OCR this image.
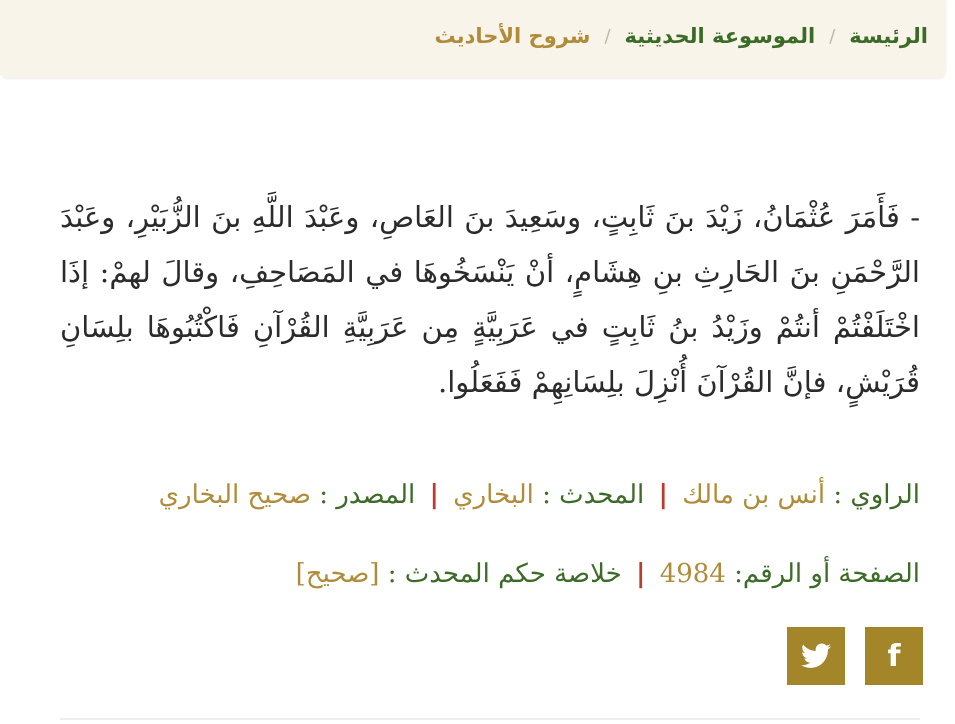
الرئيسة
/
الموسوعة الحديثية
/
شروح الأحاديث
- فَأَمَرَ عُثْمَانُ، زَيْدَ بنَ ثَابِتٍ، وسَعِيدَ بنَ العَاصِ، وعَبْدَ اللَّهِ بنَ الزُّبَيْرِ، وعَبْدَ الرَّحْمَنِ بنَ الحَارِثِ بنِ هِشَامٍ، أنْ يَنْسَخُوهَا في المَصَاحِفِ، وقالَ لهمْ: إذَا اخْتَلَفْتُمْ أنتُمْ وزَيْدُ بنُ ثَابِتٍ في عَرَبِيَّةٍ مِن عَرَبِيَّةِ القُرْآنِ فَاكْتُبُوهَا بلِسَانِ قُرَيْشٍ، فإنَّ القُرْآنَ أُنْزِلَ بلِسَانِهِمْ فَفَعَلُوا.
الراوي : أنس بن مالك | المحدث : البخاري | المصدر : صحيح البخاري
الصفحة أو الرقم: 4984 | خلاصة حكم المحدث : [صحيح]
f
